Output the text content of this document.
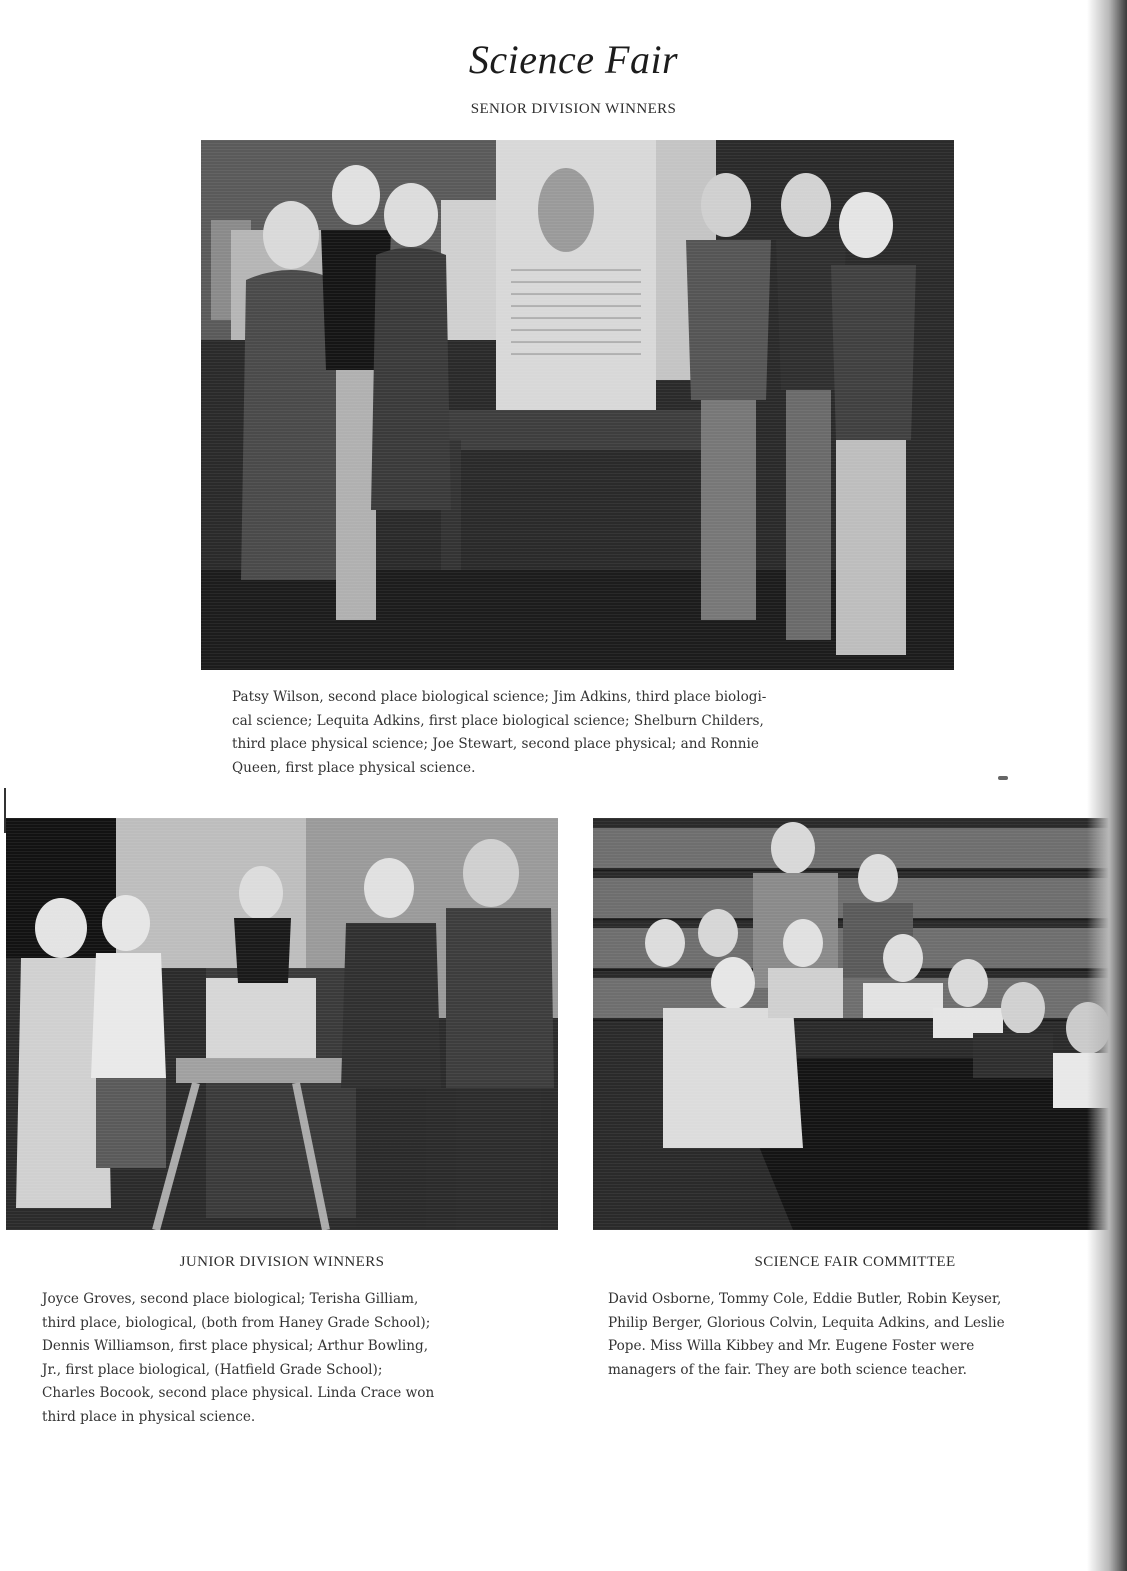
Science Fair
SENIOR DIVISION WINNERS
Patsy Wilson, second place biological science; Jim Adkins, third place biologi-
cal science; Lequita Adkins, first place biological science; Shelburn Childers,
third place physical science; Joe Stewart, second place physical; and Ronnie
Queen, first place physical science.
JUNIOR DIVISION WINNERS
Joyce Groves, second place biological; Terisha Gilliam,
third place, biological, (both from Haney Grade School);
Dennis Williamson, first place physical; Arthur Bowling,
Jr., first place biological, (Hatfield Grade School);
Charles Bocook, second place physical. Linda Crace won
third place in physical science.
SCIENCE FAIR COMMITTEE
David Osborne, Tommy Cole, Eddie Butler, Robin Keyser,
Philip Berger, Glorious Colvin, Lequita Adkins, and Leslie
Pope. Miss Willa Kibbey and Mr. Eugene Foster were
managers of the fair. They are both science teacher.
